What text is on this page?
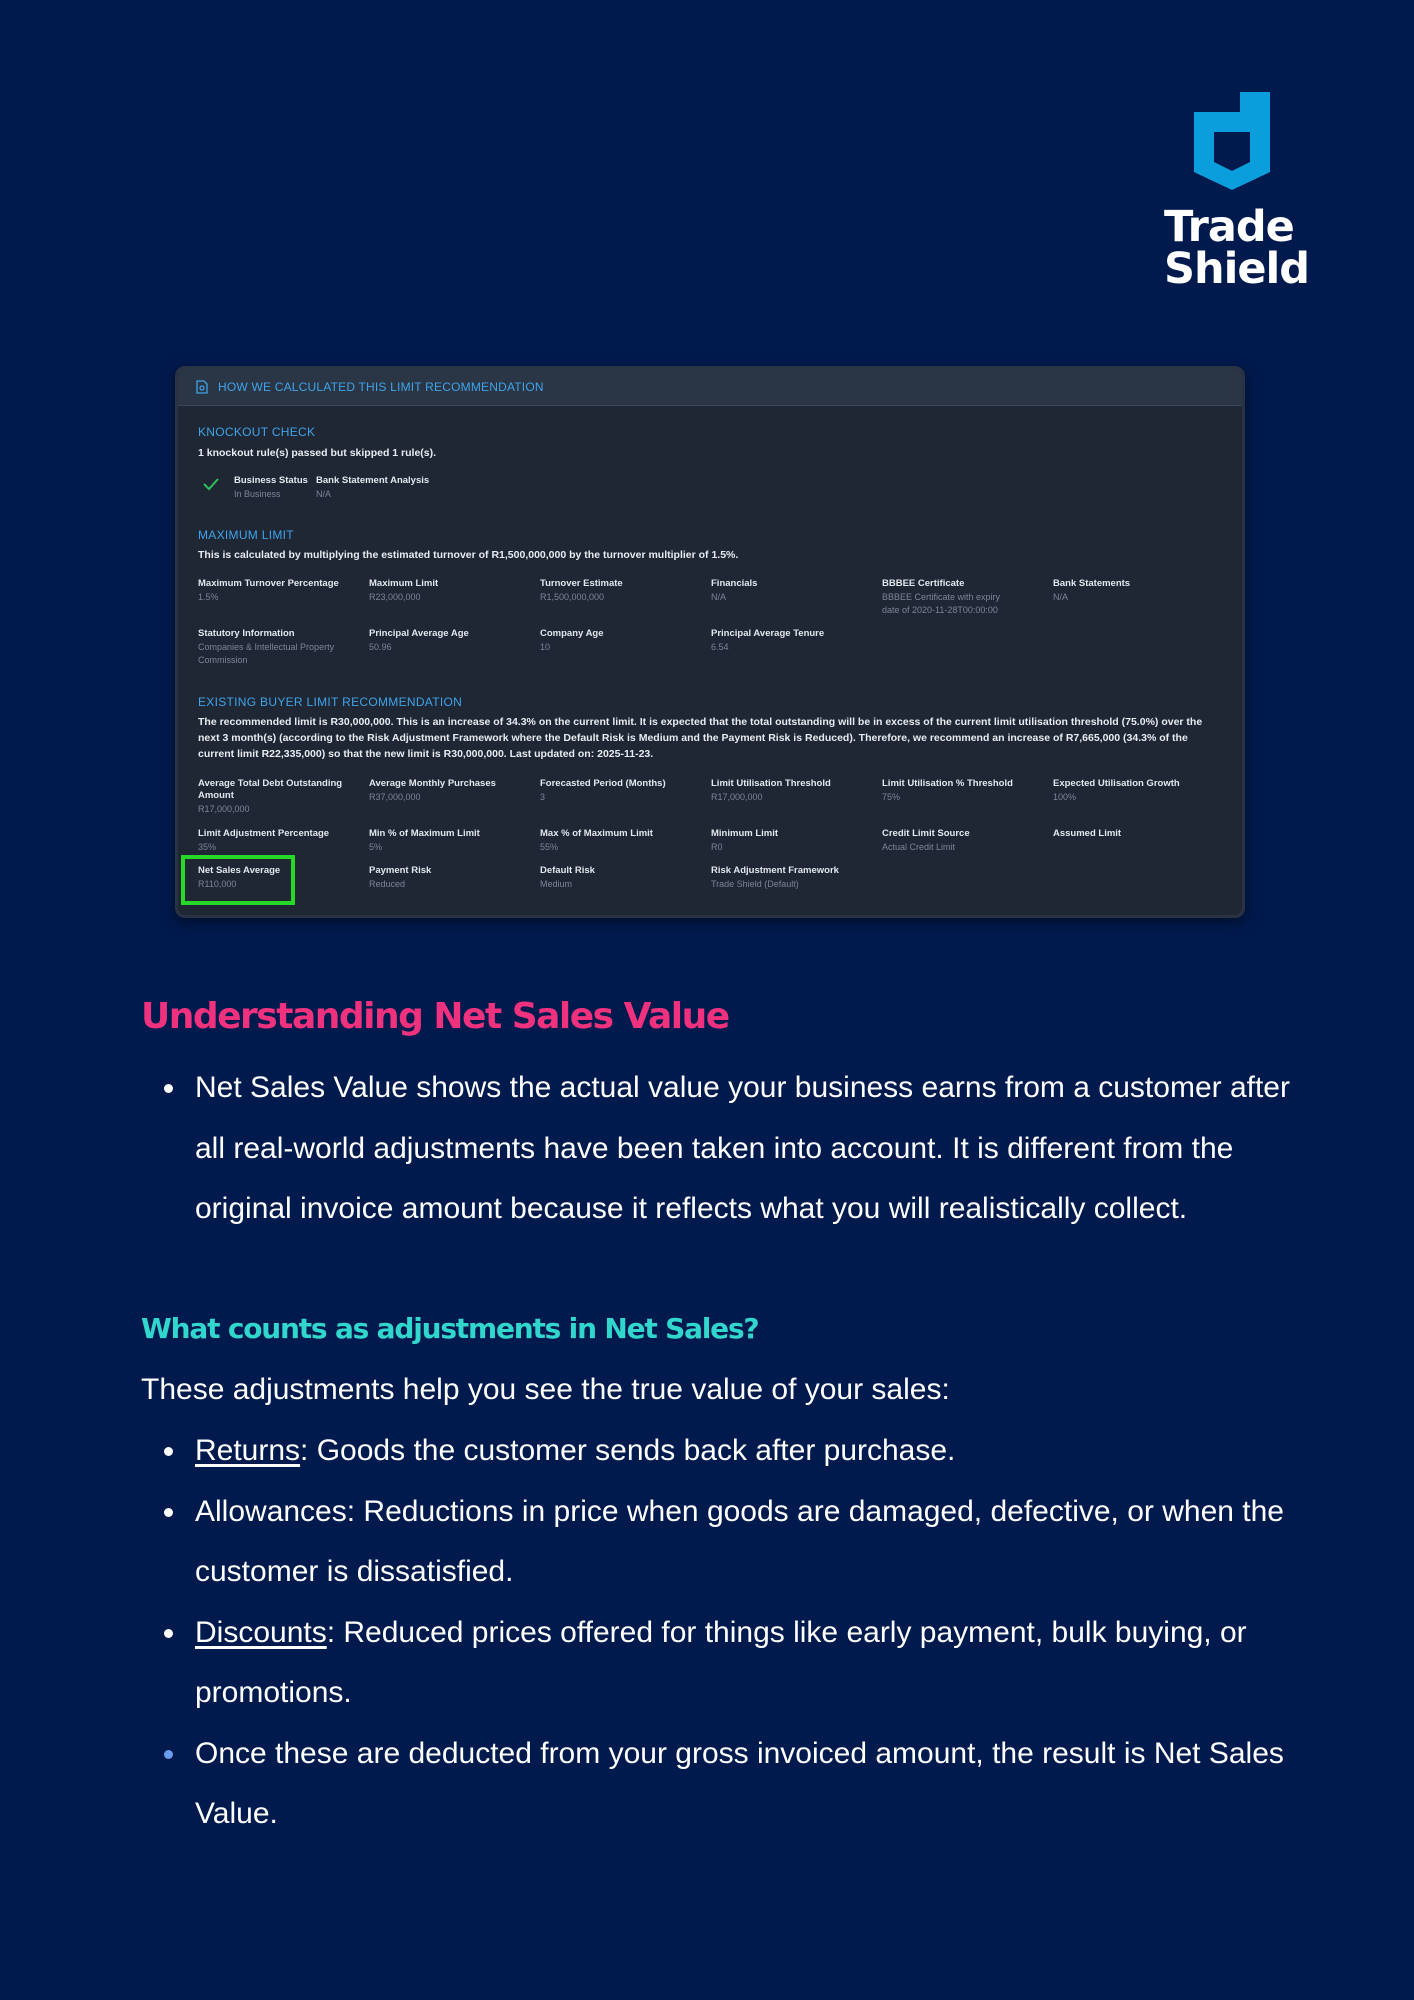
Trade
Shield
HOW WE CALCULATED THIS LIMIT RECOMMENDATION
KNOCKOUT CHECK
1 knockout rule(s) passed but skipped 1 rule(s).
Business Status
In Business
Bank Statement Analysis
N/A
MAXIMUM LIMIT
This is calculated by multiplying the estimated turnover of R1,500,000,000 by the turnover multiplier of 1.5%.
Maximum Turnover Percentage
1.5%
Maximum Limit
R23,000,000
Turnover Estimate
R1,500,000,000
Financials
N/A
BBBEE Certificate
BBBEE Certificate with expiry date of 2020-11-28T00:00:00
Bank Statements
N/A
Statutory Information
Companies & Intellectual Property Commission
Principal Average Age
50.96
Company Age
10
Principal Average Tenure
6.54
EXISTING BUYER LIMIT RECOMMENDATION
The recommended limit is R30,000,000. This is an increase of 34.3% on the current limit. It is expected that the total outstanding will be in excess of the current limit utilisation threshold (75.0%) over the next 3 month(s) (according to the Risk Adjustment Framework where the Default Risk is Medium and the Payment Risk is Reduced). Therefore, we recommend an increase of R7,665,000 (34.3% of the current limit R22,335,000) so that the new limit is R30,000,000. Last updated on: 2025-11-23.
Average Total Debt Outstanding Amount
R17,000,000
Average Monthly Purchases
R37,000,000
Forecasted Period (Months)
3
Limit Utilisation Threshold
R17,000,000
Limit Utilisation % Threshold
75%
Expected Utilisation Growth
100%
Limit Adjustment Percentage
35%
Min % of Maximum Limit
5%
Max % of Maximum Limit
55%
Minimum Limit
R0
Credit Limit Source
Actual Credit Limit
Assumed Limit
Net Sales Average
R110,000
Payment Risk
Reduced
Default Risk
Medium
Risk Adjustment Framework
Trade Shield (Default)
Understanding Net Sales Value
Net Sales Value shows the actual value your business earns from a customer after all real-world adjustments have been taken into account. It is different from the original invoice amount because it reflects what you will realistically collect.
What counts as adjustments in Net Sales?
These adjustments help you see the true value of your sales:
Returns: Goods the customer sends back after purchase.
Allowances: Reductions in price when goods are damaged, defective, or when the customer is dissatisfied.
Discounts: Reduced prices offered for things like early payment, bulk buying, or promotions.
Once these are deducted from your gross invoiced amount, the result is Net Sales Value.
